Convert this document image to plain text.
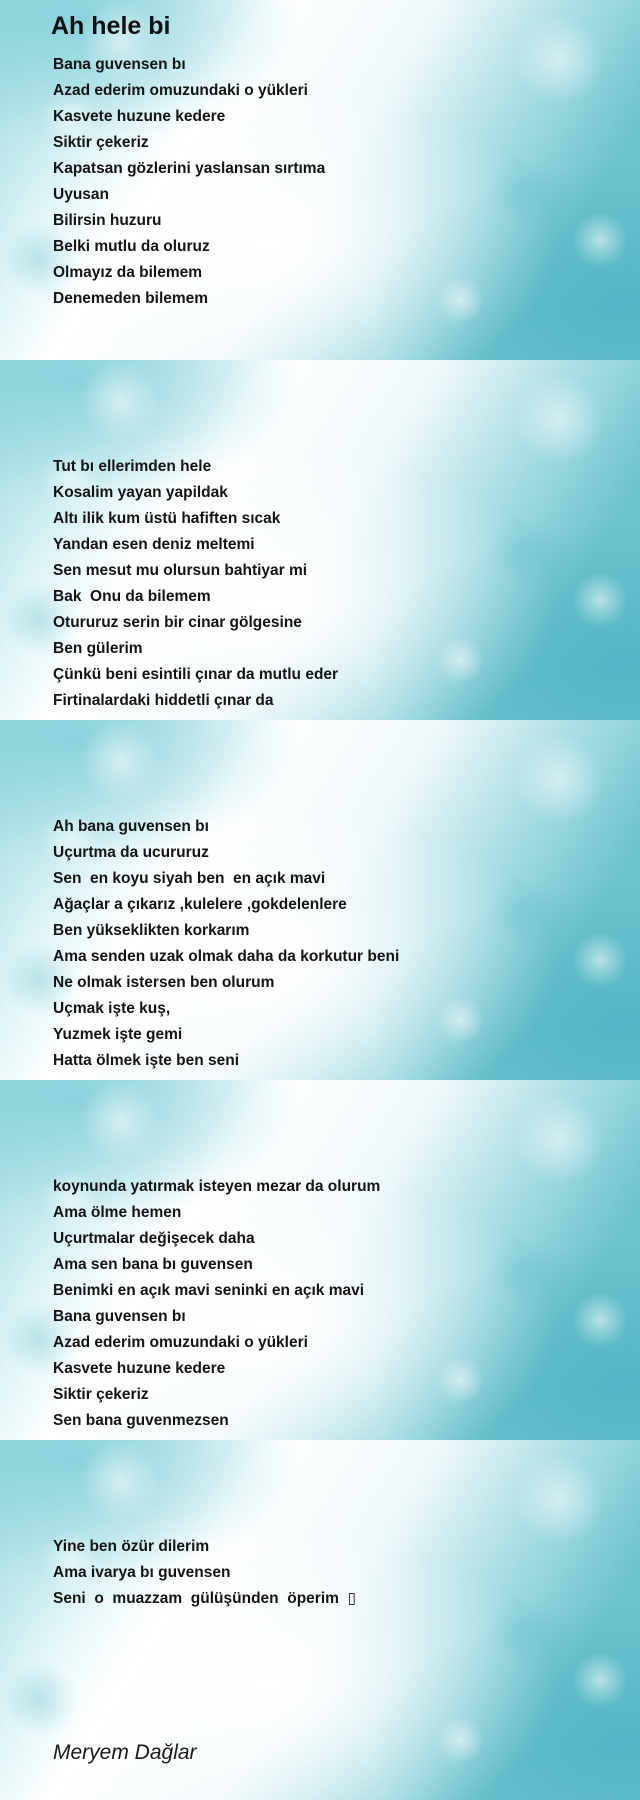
Ah hele bi
Bana guvensen bı
Azad ederim omuzundaki o yükleri
Kasvete huzune kedere
Siktir çekeriz
Kapatsan gözlerini yaslansan sırtıma
Uyusan
Bilirsin huzuru
Belki mutlu da oluruz
Olmayız da bilemem
Denemeden bilemem
Tut bı ellerimden hele
Kosalim yayan yapildak
Altı ilik kum üstü hafiften sıcak
Yandan esen deniz meltemi
Sen mesut mu olursun bahtiyar mi
Bak  Onu da bilemem
Otururuz serin bir cinar gölgesine
Ben gülerim
Çünkü beni esintili çınar da mutlu eder
Firtinalardaki hiddetli çınar da
Ah bana guvensen bı
Uçurtma da ucururuz
Sen  en koyu siyah ben  en açık mavi
Ağaçlar a çıkarız ,kulelere ,gokdelenlere
Ben yükseklikten korkarım
Ama senden uzak olmak daha da korkutur beni
Ne olmak istersen ben olurum
Uçmak işte kuş,
Yuzmek işte gemi
Hatta ölmek işte ben seni
koynunda yatırmak isteyen mezar da olurum
Ama ölme hemen
Uçurtmalar değişecek daha
Ama sen bana bı guvensen
Benimki en açık mavi seninki en açık mavi
Bana guvensen bı
Azad ederim omuzundaki o yükleri
Kasvete huzune kedere
Siktir çekeriz
Sen bana guvenmezsen
Yine ben özür dilerim
Ama ivarya bı guvensen
Seni  o  muazzam  gülüşünden  öperim  ▯
Meryem Dağlar
